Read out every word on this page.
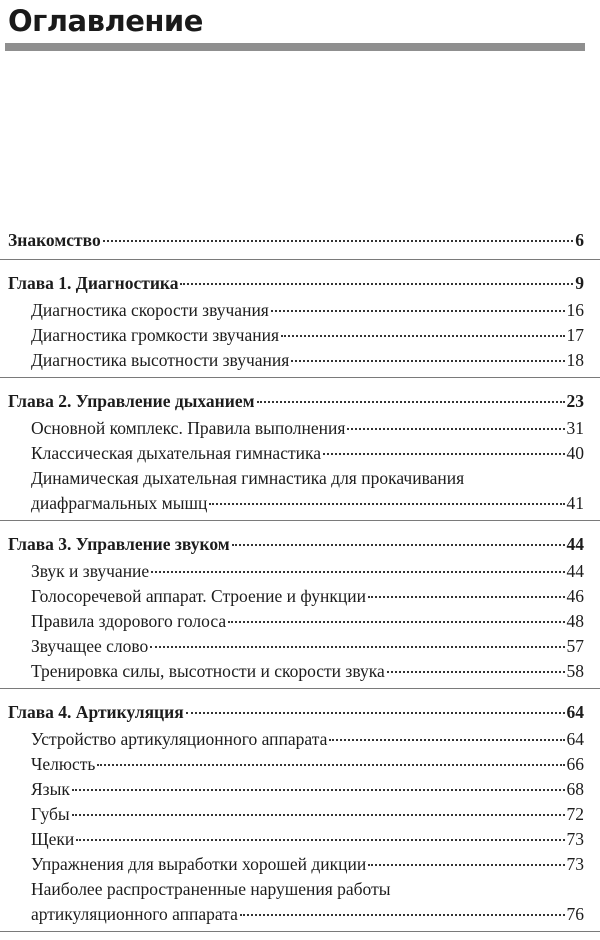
Оглавление
Знакомство	6
Глава 1. Диагностика	9
Диагностика скорости звучания	16
Диагностика громкости звучания	17
Диагностика высотности звучания	18
Глава 2. Управление дыханием	23
Основной комплекс. Правила выполнения	31
Классическая дыхательная гимнастика	40
Динамическая дыхательная гимнастика для прокачивания
диафрагмальных мышц	41
Глава 3. Управление звуком	44
Звук и звучание	44
Голосоречевой аппарат. Строение и функции	46
Правила здорового голоса	48
Звучащее слово	57
Тренировка силы, высотности и скорости звука	58
Глава 4. Артикуляция	64
Устройство артикуляционного аппарата	64
Челюсть	66
Язык	68
Губы	72
Щеки	73
Упражнения для выработки хорошей дикции	73
Наиболее распространенные нарушения работы
артикуляционного аппарата	76
